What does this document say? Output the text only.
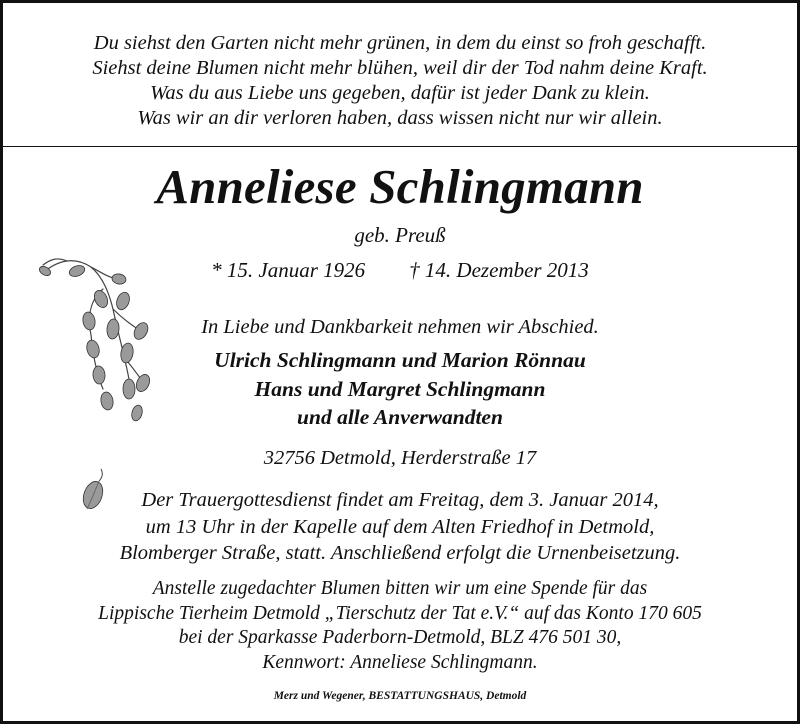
Du siehst den Garten nicht mehr grünen, in dem du einst so froh geschafft.
Siehst deine Blumen nicht mehr blühen, weil dir der Tod nahm deine Kraft.
Was du aus Liebe uns gegeben, dafür ist jeder Dank zu klein.
Was wir an dir verloren haben, dass wissen nicht nur wir allein.
Anneliese Schlingmann
geb. Preuß
* 15. Januar 1926 † 14. Dezember 2013
In Liebe und Dankbarkeit nehmen wir Abschied.
Ulrich Schlingmann und Marion Rönnau
Hans und Margret Schlingmann
und alle Anverwandten
32756 Detmold, Herderstraße 17
Der Trauergottesdienst findet am Freitag, dem 3. Januar 2014,
um 13 Uhr in der Kapelle auf dem Alten Friedhof in Detmold,
Blomberger Straße, statt. Anschließend erfolgt die Urnenbeisetzung.
Anstelle zugedachter Blumen bitten wir um eine Spende für das
Lippische Tierheim Detmold „Tierschutz der Tat e.V.“ auf das Konto 170 605
bei der Sparkasse Paderborn-Detmold, BLZ 476 501 30,
Kennwort: Anneliese Schlingmann.
Merz und Wegener, BESTATTUNGSHAUS, Detmold
